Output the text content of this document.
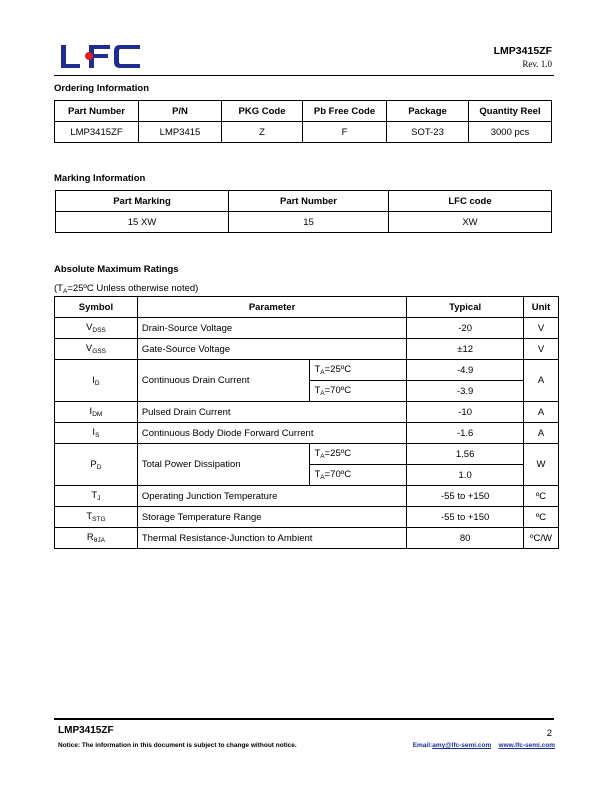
LMP3415ZF
Rev. 1.0
Ordering Information
Part Number	P/N	PKG Code	Pb Free Code	Package	Quantity Reel
LMP3415ZF	LMP3415	Z	F	SOT-23	3000 pcs
Marking Information
Part Marking	Part Number	LFC code
15 XW	15	XW
Absolute Maximum Ratings
($T_A=25ºC$ Unless otherwise noted)
Symbol	Parameter		Typical	Unit
$V_{DSS}$	Drain-Source Voltage		-20	V
$V_{GSS}$	Gate-Source Voltage		±12	V
$I_D$	Continuous Drain Current	$T_A=25ºC$	-4.9	A
		$T_A=70ºC$	-3.9	
$I_{DM}$	Pulsed Drain Current		-10	A
$I_S$	Continuous Body Diode Forward Current		-1.6	A
$P_D$	Total Power Dissipation	$T_A=25ºC$	1.56	W
		$T_A=70ºC$	1.0	
$T_J$	Operating Junction Temperature		-55 to +150	ºC
$T_{STG}$	Storage Temperature Range		-55 to +150	ºC
$R_{\theta JA}$	Thermal Resistance-Junction to Ambient		80	ºC/W
LMP3415ZF	2
Notice: The information in this document is subject to change without notice.	Email:amy@lfc-semi.com www.lfc-semi.com
